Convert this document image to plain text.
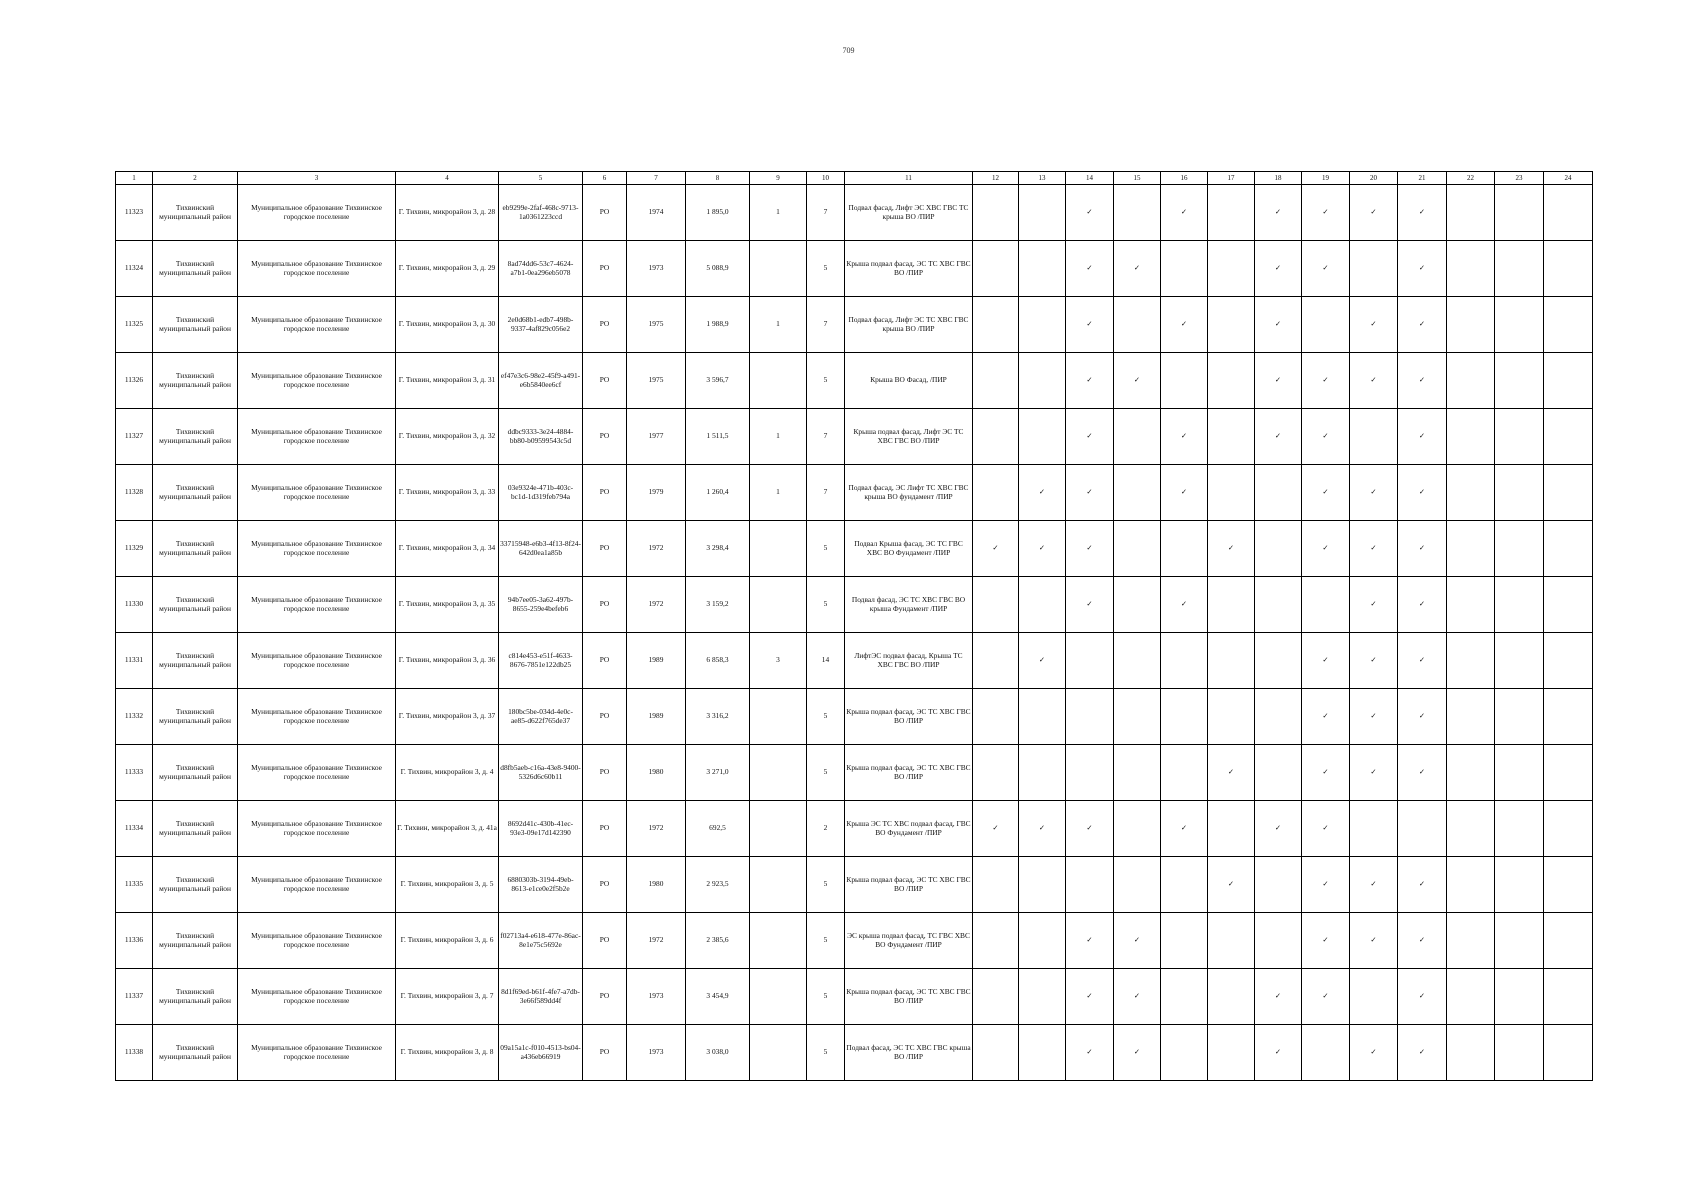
709
1	2	3	4	5	6	7	8	9	10	11	12	13	14	15	16	17	18	19	20	21	22	23	24
11323	Тихвинский муниципальный район	Муниципальное образование Тихвинское городское поселение	Г. Тихвин, микрорайон 3, д. 28	eb9299e-2faf-468c-9713-1a0361223ccd	РО	1974	1 895,0	1	7	Подвал фасад, Лифт ЭС ХВС ГВС ТС крыша ВО /ПИР			✓		✓		✓	✓	✓	✓			
11324	Тихвинский муниципальный район	Муниципальное образование Тихвинское городское поселение	Г. Тихвин, микрорайон 3, д. 29	8ad74dd6-53c7-4624-a7b1-0ea296eb5078	РО	1973	5 088,9		5	Крыша подвал фасад, ЭС ТС ХВС ГВС ВО /ПИР			✓	✓			✓	✓		✓			
11325	Тихвинский муниципальный район	Муниципальное образование Тихвинское городское поселение	Г. Тихвин, микрорайон 3, д. 30	2e0d68b1-edb7-498b-9337-4af829c056e2	РО	1975	1 988,9	1	7	Подвал фасад, Лифт ЭС ТС ХВС ГВС крыша ВО /ПИР			✓		✓		✓		✓	✓			
11326	Тихвинский муниципальный район	Муниципальное образование Тихвинское городское поселение	Г. Тихвин, микрорайон 3, д. 31	ef47e3c6-98e2-45f9-a491-e6b5840ee6cf	РО	1975	3 596,7		5	Крыша ВО Фасад, /ПИР			✓	✓			✓	✓	✓	✓			
11327	Тихвинский муниципальный район	Муниципальное образование Тихвинское городское поселение	Г. Тихвин, микрорайон 3, д. 32	ddbc9333-3e24-4884-bb80-b09599543c5d	РО	1977	1 511,5	1	7	Крыша подвал фасад, Лифт ЭС ТС ХВС ГВС ВО /ПИР			✓		✓		✓	✓		✓			
11328	Тихвинский муниципальный район	Муниципальное образование Тихвинское городское поселение	Г. Тихвин, микрорайон 3, д. 33	03e9324e-471b-403c-bc1d-1d319feb794a	РО	1979	1 260,4	1	7	Подвал фасад, ЭС Лифт ТС ХВС ГВС крыша ВО фундамент /ПИР		✓	✓		✓			✓	✓	✓			
11329	Тихвинский муниципальный район	Муниципальное образование Тихвинское городское поселение	Г. Тихвин, микрорайон 3, д. 34	33715948-e6b3-4f13-8f24-642d0ea1a85b	РО	1972	3 298,4		5	Подвал Крыша фасад, ЭС ТС ГВС ХВС ВО Фундамент /ПИР	✓	✓	✓			✓		✓	✓	✓			
11330	Тихвинский муниципальный район	Муниципальное образование Тихвинское городское поселение	Г. Тихвин, микрорайон 3, д. 35	94b7ee05-3a62-497b-8655-259e4befeb6	РО	1972	3 159,2		5	Подвал фасад, ЭС ТС ХВС ГВС ВО крыша Фундамент /ПИР			✓		✓				✓	✓			
11331	Тихвинский муниципальный район	Муниципальное образование Тихвинское городское поселение	Г. Тихвин, микрорайон 3, д. 36	c814e453-e51f-4633-8676-7851e122db25	РО	1989	6 858,3	3	14	ЛифтЭС подвал фасад, Крыша ТС ХВС ГВС ВО /ПИР		✓						✓	✓	✓			
11332	Тихвинский муниципальный район	Муниципальное образование Тихвинское городское поселение	Г. Тихвин, микрорайон 3, д. 37	180bc5be-034d-4e0c-ae85-d622f765de37	РО	1989	3 316,2		5	Крыша подвал фасад, ЭС ТС ХВС ГВС ВО /ПИР								✓	✓	✓			
11333	Тихвинский муниципальный район	Муниципальное образование Тихвинское городское поселение	Г. Тихвин, микрорайон 3, д. 4	d8fb5aeb-c16a-43e8-9400-5326d6c60b11	РО	1980	3 271,0		5	Крыша подвал фасад, ЭС ТС ХВС ГВС ВО /ПИР						✓		✓	✓	✓			
11334	Тихвинский муниципальный район	Муниципальное образование Тихвинское городское поселение	Г. Тихвин, микрорайон 3, д. 41а	8692d41c-430b-41ec-93e3-09e17d142390	РО	1972	692,5		2	Крыша ЭС ТС ХВС подвал фасад, ГВС ВО Фундамент /ПИР	✓	✓	✓		✓		✓	✓					
11335	Тихвинский муниципальный район	Муниципальное образование Тихвинское городское поселение	Г. Тихвин, микрорайон 3, д. 5	6880303b-3194-49eb-8613-e1ce0e2f5b2e	РО	1980	2 923,5		5	Крыша подвал фасад, ЭС ТС ХВС ГВС ВО /ПИР						✓		✓	✓	✓			
11336	Тихвинский муниципальный район	Муниципальное образование Тихвинское городское поселение	Г. Тихвин, микрорайон 3, д. 6	f02713a4-e618-477e-86ac-8e1e75c5692e	РО	1972	2 385,6		5	ЭС крыша подвал фасад, ТС ГВС ХВС ВО Фундамент /ПИР			✓	✓				✓	✓	✓			
11337	Тихвинский муниципальный район	Муниципальное образование Тихвинское городское поселение	Г. Тихвин, микрорайон 3, д. 7	8d1f69ed-b61f-4fe7-a7db-3e66f589dd4f	РО	1973	3 454,9		5	Крыша подвал фасад, ЭС ТС ХВС ГВС ВО /ПИР			✓	✓			✓	✓		✓			
11338	Тихвинский муниципальный район	Муниципальное образование Тихвинское городское поселение	Г. Тихвин, микрорайон 3, д. 8	09a15a1c-f010-4513-bs04-a436eb66919	РО	1973	3 038,0		5	Подвал фасад, ЭС ТС ХВС ГВС крыша ВО /ПИР			✓	✓			✓		✓	✓			
